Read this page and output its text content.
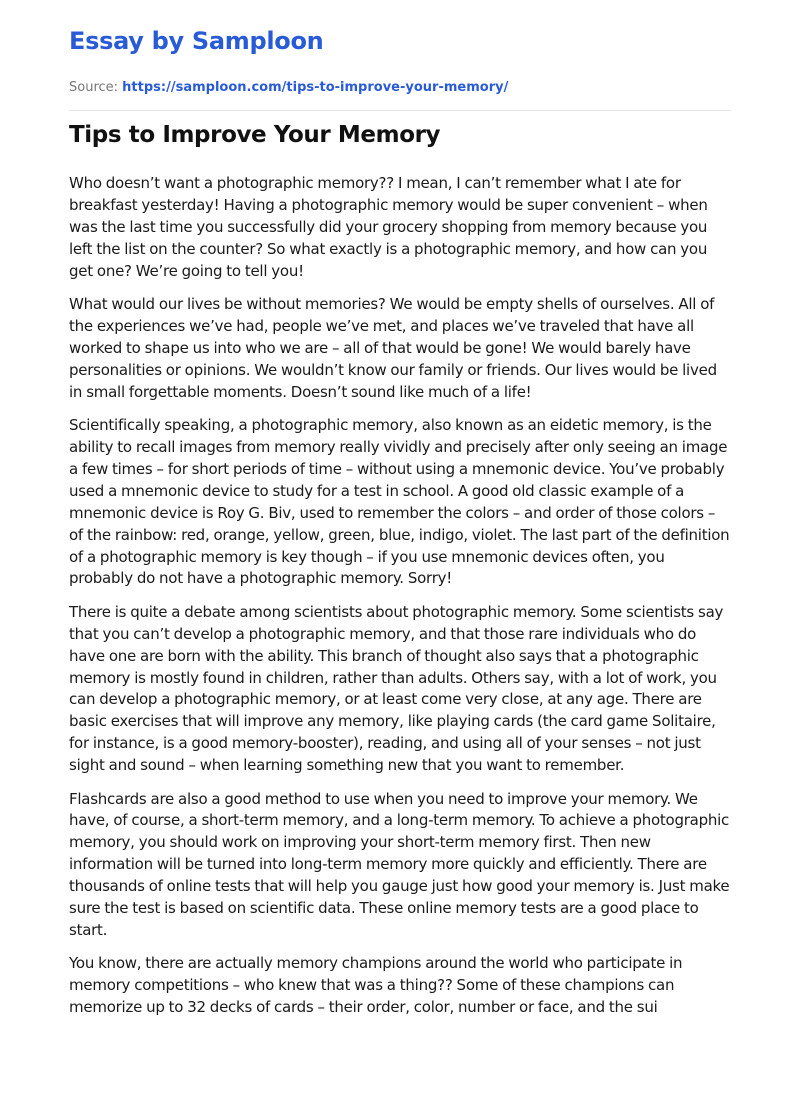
Essay by Samploon
Source: https://samploon.com/tips-to-improve-your-memory/
Tips to Improve Your Memory

Who doesn’t want a photographic memory?? I mean, I can’t remember what I ate for breakfast yesterday! Having a photographic memory would be super convenient – when was the last time you successfully did your grocery shopping from memory because you left the list on the counter? So what exactly is a photographic memory, and how can you get one? We’re going to tell you!

What would our lives be without memories? We would be empty shells of ourselves. All of the experiences we’ve had, people we’ve met, and places we’ve traveled that have all worked to shape us into who we are – all of that would be gone! We would barely have personalities or opinions. We wouldn’t know our family or friends. Our lives would be lived in small forgettable moments. Doesn’t sound like much of a life!

Scientifically speaking, a photographic memory, also known as an eidetic memory, is the ability to recall images from memory really vividly and precisely after only seeing an image a few times – for short periods of time – without using a mnemonic device. You’ve probably used a mnemonic device to study for a test in school. A good old classic example of a mnemonic device is Roy G. Biv, used to remember the colors – and order of those colors – of the rainbow: red, orange, yellow, green, blue, indigo, violet. The last part of the definition of a photographic memory is key though – if you use mnemonic devices often, you probably do not have a photographic memory. Sorry!

There is quite a debate among scientists about photographic memory. Some scientists say that you can’t develop a photographic memory, and that those rare individuals who do have one are born with the ability. This branch of thought also says that a photographic memory is mostly found in children, rather than adults. Others say, with a lot of work, you can develop a photographic memory, or at least come very close, at any age. There are basic exercises that will improve any memory, like playing cards (the card game Solitaire, for instance, is a good memory-booster), reading, and using all of your senses – not just sight and sound – when learning something new that you want to remember.

Flashcards are also a good method to use when you need to improve your memory. We have, of course, a short-term memory, and a long-term memory. To achieve a photographic memory, you should work on improving your short-term memory first. Then new information will be turned into long-term memory more quickly and efficiently. There are thousands of online tests that will help you gauge just how good your memory is. Just make sure the test is based on scientific data. These online memory tests are a good place to start.

You know, there are actually memory champions around the world who participate in memory competitions – who knew that was a thing?? Some of these champions can memorize up to 32 decks of cards – their order, color, number or face, and the sui
